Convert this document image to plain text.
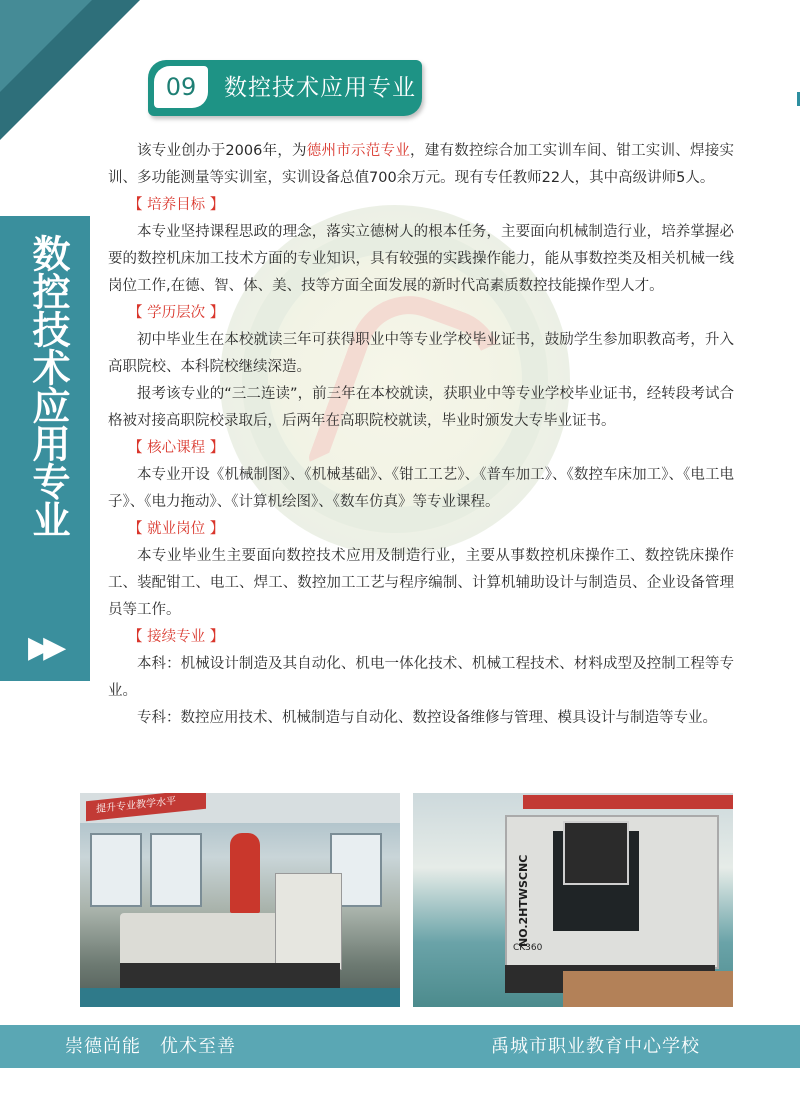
09	数控技术应用专业
数控技术应用专业
▶▶

该专业创办于2006年，为德州市示范专业，建有数控综合加工实训车间、钳工实训、焊接实训、多功能测量等实训室，实训设备总值700余万元。现有专任教师22人，其中高级讲师5人。

【 培养目标 】

本专业坚持课程思政的理念，落实立德树人的根本任务，主要面向机械制造行业，培养掌握必要的数控机床加工技术方面的专业知识，具有较强的实践操作能力，能从事数控类及相关机械一线岗位工作,在德、智、体、美、技等方面全面发展的新时代高素质数控技能操作型人才。

【 学历层次 】

初中毕业生在本校就读三年可获得职业中等专业学校毕业证书，鼓励学生参加职教高考，升入高职院校、本科院校继续深造。

报考该专业的“三二连读”，前三年在本校就读，获职业中等专业学校毕业证书，经转段考试合格被对接高职院校录取后，后两年在高职院校就读，毕业时颁发大专毕业证书。

【 核心课程 】

本专业开设《机械制图》、《机械基础》、《钳工工艺》、《普车加工》、《数控车床加工》、《电工电子》、《电力拖动》、《计算机绘图》、《数车仿真》等专业课程。

【 就业岗位 】

本专业毕业生主要面向数控技术应用及制造行业，主要从事数控机床操作工、数控铣床操作工、装配钳工、电工、焊工、数控加工工艺与程序编制、计算机辅助设计与制造员、企业设备管理员等工作。

【 接续专业 】

本科：机械设计制造及其自动化、机电一体化技术、机械工程技术、材料成型及控制工程等专业。

专科：数控应用技术、机械制造与自动化、数控设备维修与管理、模具设计与制造等专业。

提升专业教学水平
NO.2HTWSCNC
CK360
崇德尚能　优术至善	禹城市职业教育中心学校
